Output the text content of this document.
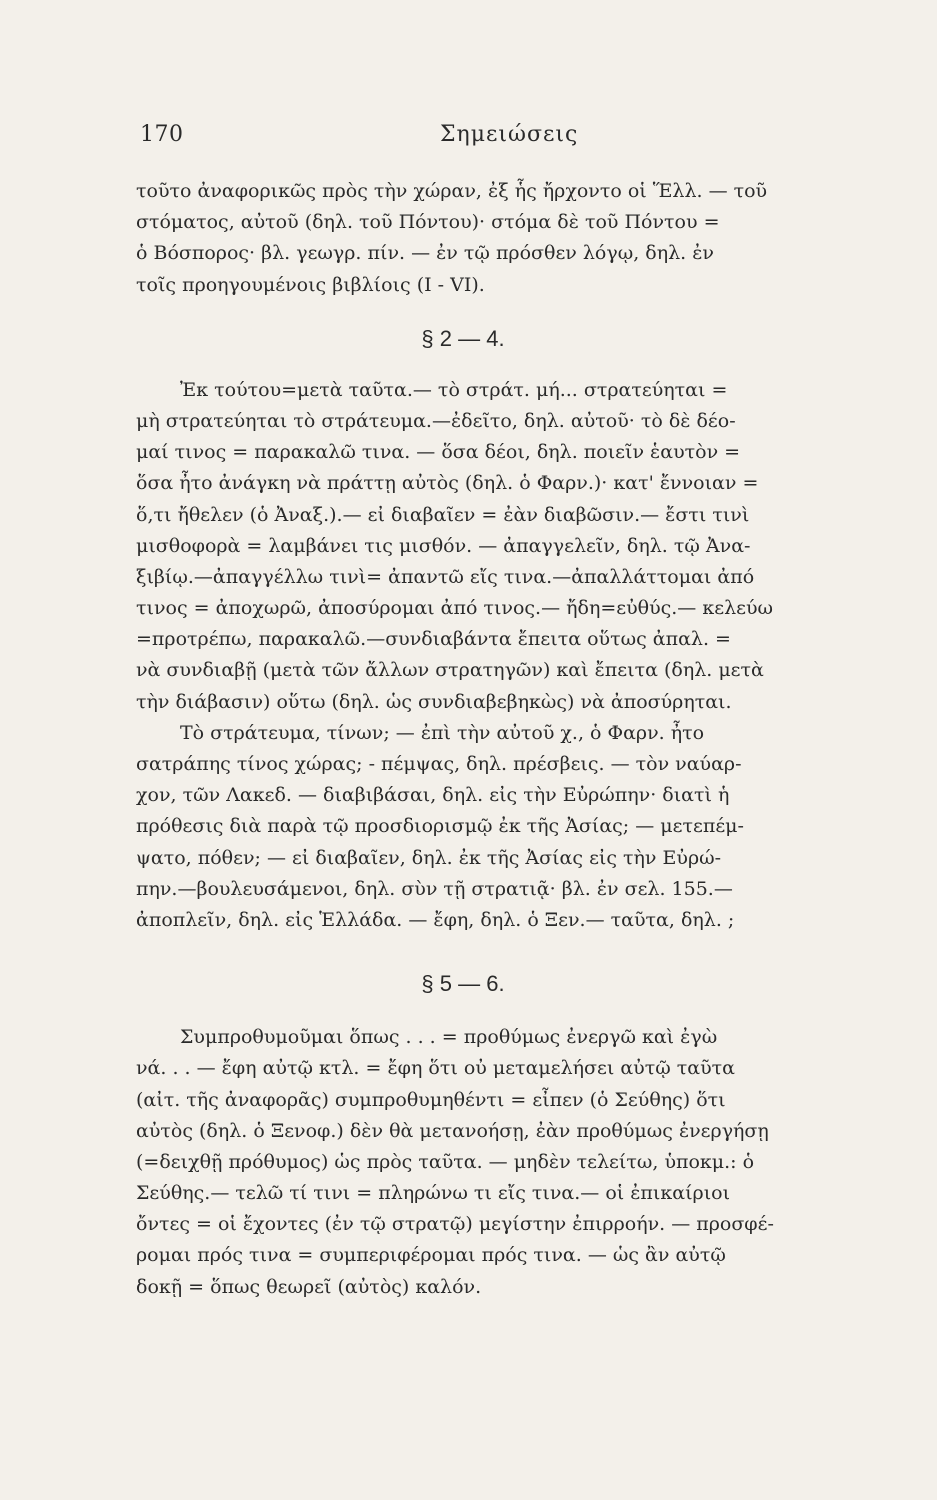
170	Σημειώσεις
τοῦτο ἀναφορικῶς πρὸς τὴν χώραν, ἐξ ἧς ἤρχοντο οἱ Ἕλλ. — τοῦ
στόματος, αὐτοῦ (δηλ. τοῦ Πόντου)· στόμα δὲ τοῦ Πόντου =
ὁ Βόσπορος· βλ. γεωγρ. πίν. — ἐν τῷ πρόσθεν λόγῳ, δηλ. ἐν
τοῖς προηγουμένοις βιβλίοις (I - VI).
§ 2 — 4.
Ἐκ τούτου=μετὰ ταῦτα.— τὸ στράτ. μή... στρατεύηται =
μὴ στρατεύηται τὸ στράτευμα.—ἐδεῖτο, δηλ. αὐτοῦ· τὸ δὲ δέο-
μαί τινος = παρακαλῶ τινα. — ὅσα δέοι, δηλ. ποιεῖν ἑαυτὸν =
ὅσα ἦτο ἀνάγκη νὰ πράττῃ αὐτὸς (δηλ. ὁ Φαρν.)· κατ' ἔννοιαν =
ὅ,τι ἤθελεν (ὁ Ἀναξ.).— εἰ διαβαῖεν = ἐὰν διαβῶσιν.— ἔστι τινὶ
μισθοφορὰ = λαμβάνει τις μισθόν. — ἀπαγγελεῖν, δηλ. τῷ Ἀνα-
ξιβίῳ.—ἀπαγγέλλω τινὶ= ἀπαντῶ εἴς τινα.—ἀπαλλάττομαι ἀπό
τινος = ἀποχωρῶ, ἀποσύρομαι ἀπό τινος.— ἤδη=εὐθύς.— κελεύω
=προτρέπω, παρακαλῶ.—συνδιαβάντα ἔπειτα οὕτως ἀπαλ. =
νὰ συνδιαβῇ (μετὰ τῶν ἄλλων στρατηγῶν) καὶ ἔπειτα (δηλ. μετὰ
τὴν διάβασιν) οὕτω (δηλ. ὡς συνδιαβεβηκὼς) νὰ ἀποσύρηται.
Τὸ στράτευμα, τίνων; — ἐπὶ τὴν αὐτοῦ χ., ὁ Φαρν. ἦτο
σατράπης τίνος χώρας; - πέμψας, δηλ. πρέσβεις. — τὸν ναύαρ-
χον, τῶν Λακεδ. — διαβιβάσαι, δηλ. εἰς τὴν Εὐρώπην· διατὶ ἡ
πρόθεσις διὰ παρὰ τῷ προσδιορισμῷ ἐκ τῆς Ἀσίας; — μετεπέμ-
ψατο, πόθεν; — εἰ διαβαῖεν, δηλ. ἐκ τῆς Ἀσίας εἰς τὴν Εὐρώ-
πην.—βουλευσάμενοι, δηλ. σὺν τῇ στρατιᾷ· βλ. ἐν σελ. 155.—
ἀποπλεῖν, δηλ. εἰς Ἑλλάδα. — ἔφη, δηλ. ὁ Ξεν.— ταῦτα, δηλ. ;
§ 5 — 6.
Συμπροθυμοῦμαι ὅπως . . . = προθύμως ἐνεργῶ καὶ ἐγὼ
νά. . . — ἔφη αὐτῷ κτλ. = ἔφη ὅτι οὐ μεταμελήσει αὐτῷ ταῦτα
(αἰτ. τῆς ἀναφορᾶς) συμπροθυμηθέντι = εἶπεν (ὁ Σεύθης) ὅτι
αὐτὸς (δηλ. ὁ Ξενοφ.) δὲν θὰ μετανοήσῃ, ἐὰν προθύμως ἐνεργήσῃ
(=δειχθῇ πρόθυμος) ὡς πρὸς ταῦτα. — μηδὲν τελείτω, ὑποκμ.: ὁ
Σεύθης.— τελῶ τί τινι = πληρώνω τι εἴς τινα.— οἱ ἐπικαίριοι
ὄντες = οἱ ἔχοντες (ἐν τῷ στρατῷ) μεγίστην ἐπιρροήν. — προσφέ-
ρομαι πρός τινα = συμπεριφέρομαι πρός τινα. — ὡς ἂν αὐτῷ
δοκῇ = ὅπως θεωρεῖ (αὐτὸς) καλόν.
